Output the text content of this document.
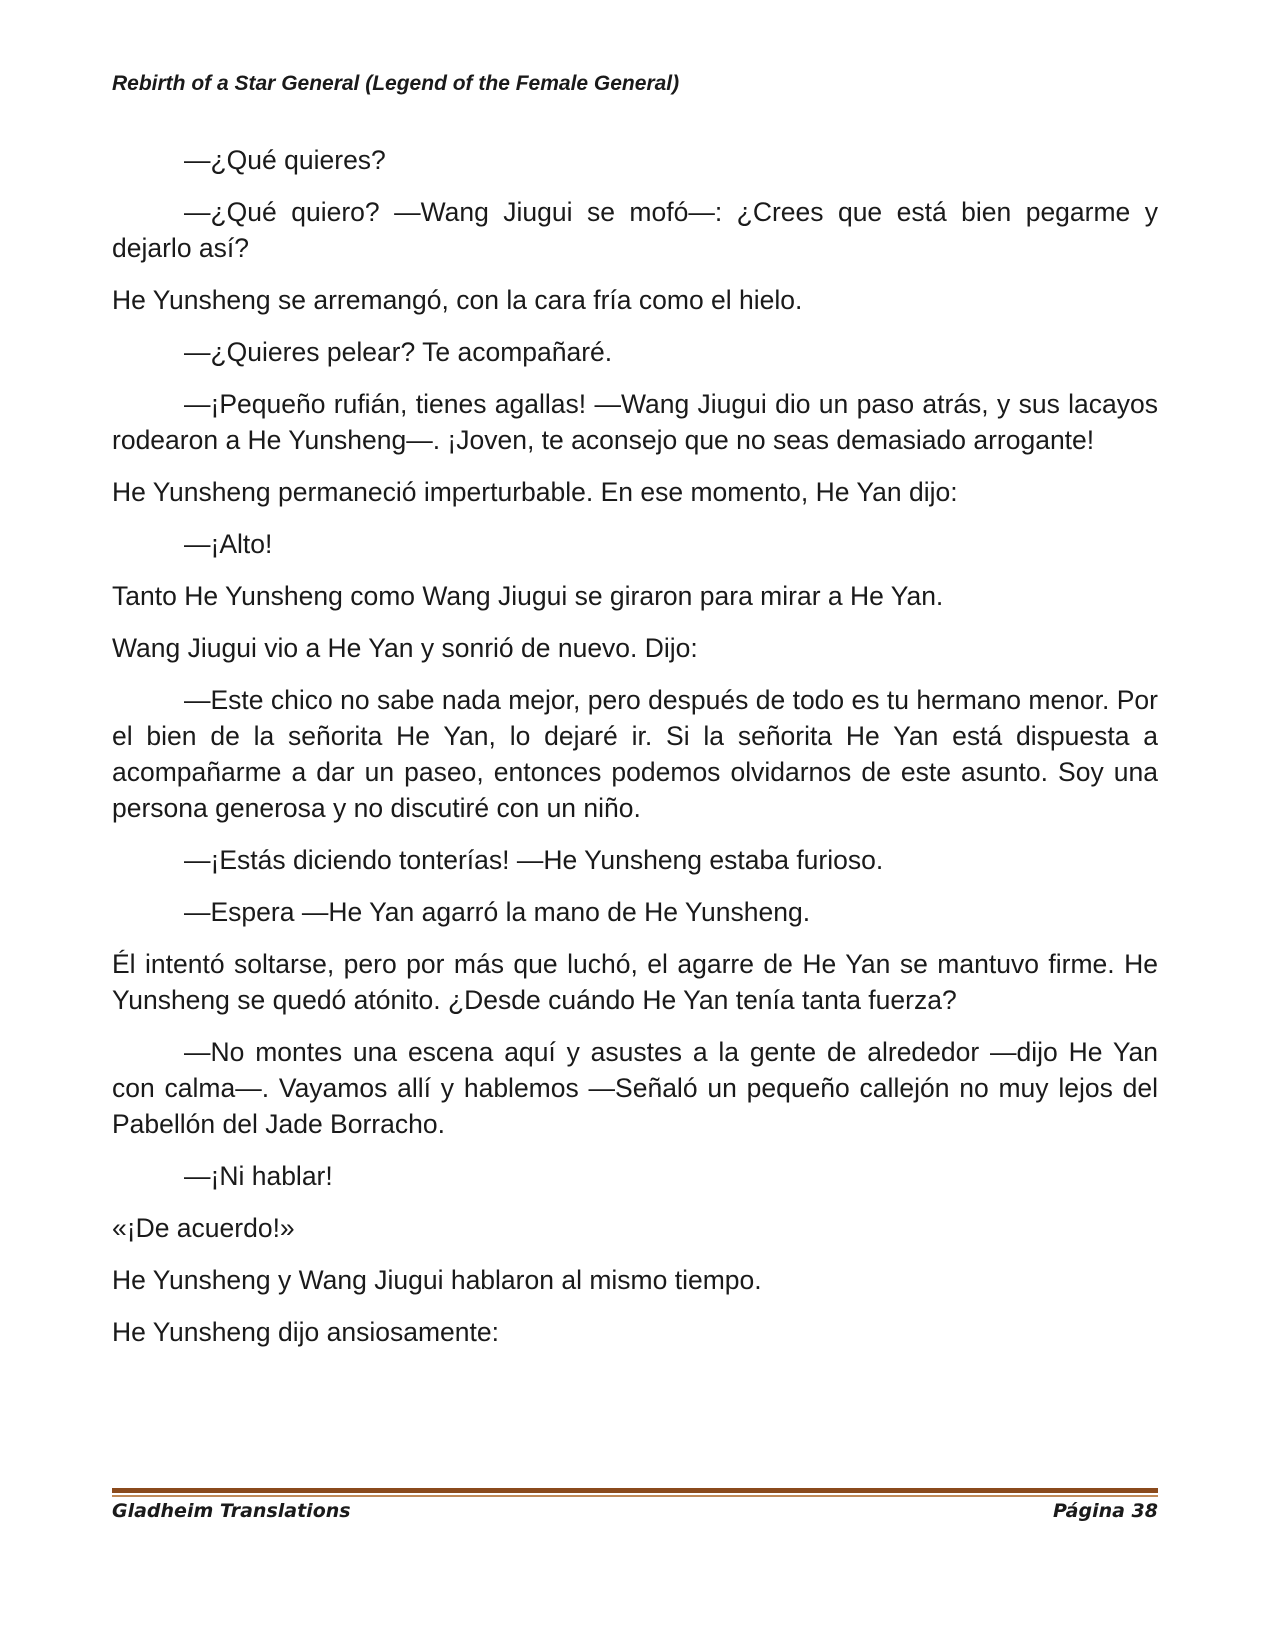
Rebirth of a Star General (Legend of the Female General)

—¿Qué quieres?

—¿Qué quiero? —Wang Jiugui se mofó—: ¿Crees que está bien pegarme y dejarlo así?

He Yunsheng se arremangó, con la cara fría como el hielo.

—¿Quieres pelear? Te acompañaré.

—¡Pequeño rufián, tienes agallas! —Wang Jiugui dio un paso atrás, y sus lacayos rodearon a He Yunsheng—. ¡Joven, te aconsejo que no seas demasiado arrogante!

He Yunsheng permaneció imperturbable. En ese momento, He Yan dijo:

—¡Alto!

Tanto He Yunsheng como Wang Jiugui se giraron para mirar a He Yan.

Wang Jiugui vio a He Yan y sonrió de nuevo. Dijo:

—Este chico no sabe nada mejor, pero después de todo es tu hermano menor. Por el bien de la señorita He Yan, lo dejaré ir. Si la señorita He Yan está dispuesta a acompañarme a dar un paseo, entonces podemos olvidarnos de este asunto. Soy una persona generosa y no discutiré con un niño.

—¡Estás diciendo tonterías! —He Yunsheng estaba furioso.

—Espera —He Yan agarró la mano de He Yunsheng.

Él intentó soltarse, pero por más que luchó, el agarre de He Yan se mantuvo firme. He Yunsheng se quedó atónito. ¿Desde cuándo He Yan tenía tanta fuerza?

—No montes una escena aquí y asustes a la gente de alrededor —dijo He Yan con calma—. Vayamos allí y hablemos —Señaló un pequeño callejón no muy lejos del Pabellón del Jade Borracho.

—¡Ni hablar!

«¡De acuerdo!»

He Yunsheng y Wang Jiugui hablaron al mismo tiempo.

He Yunsheng dijo ansiosamente:

Gladheim Translations	Página 38
